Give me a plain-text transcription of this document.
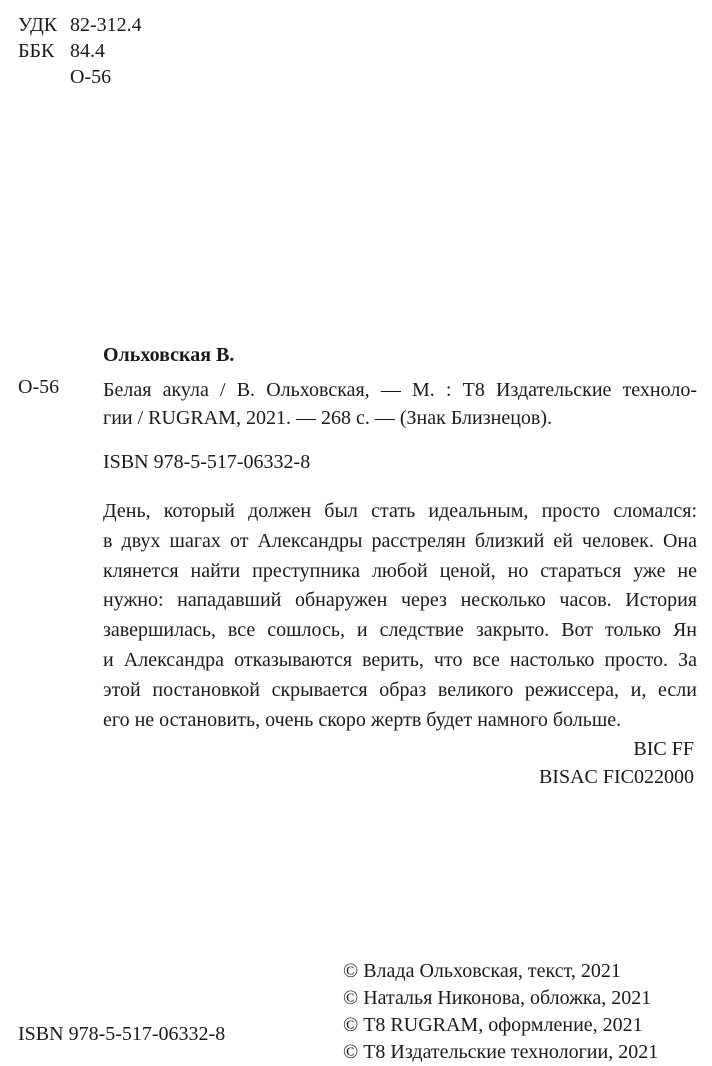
УДК 82-312.4
ББК 84.4
О-56
Ольховская В.
О-56 Белая акула / В. Ольховская, — М. : Т8 Издательские техноло-
гии / RUGRAM, 2021. — 268 с. — (Знак Близнецов).
ISBN 978-5-517-06332-8
День, который должен был стать идеальным, просто сломался:
в двух шагах от Александры расстрелян близкий ей человек. Она
клянется найти преступника любой ценой, но стараться уже не
нужно: нападавший обнаружен через несколько часов. История
завершилась, все сошлось, и следствие закрыто. Вот только Ян
и Александра отказываются верить, что все настолько просто. За
этой постановкой скрывается образ великого режиссера, и, если
его не остановить, очень скоро жертв будет намного больше.
BIC FF
BISAC FIC022000
© Влада Ольховская, текст, 2021
© Наталья Никонова, обложка, 2021
© Т8 RUGRAM, оформление, 2021
© Т8 Издательские технологии, 2021
ISBN 978-5-517-06332-8
